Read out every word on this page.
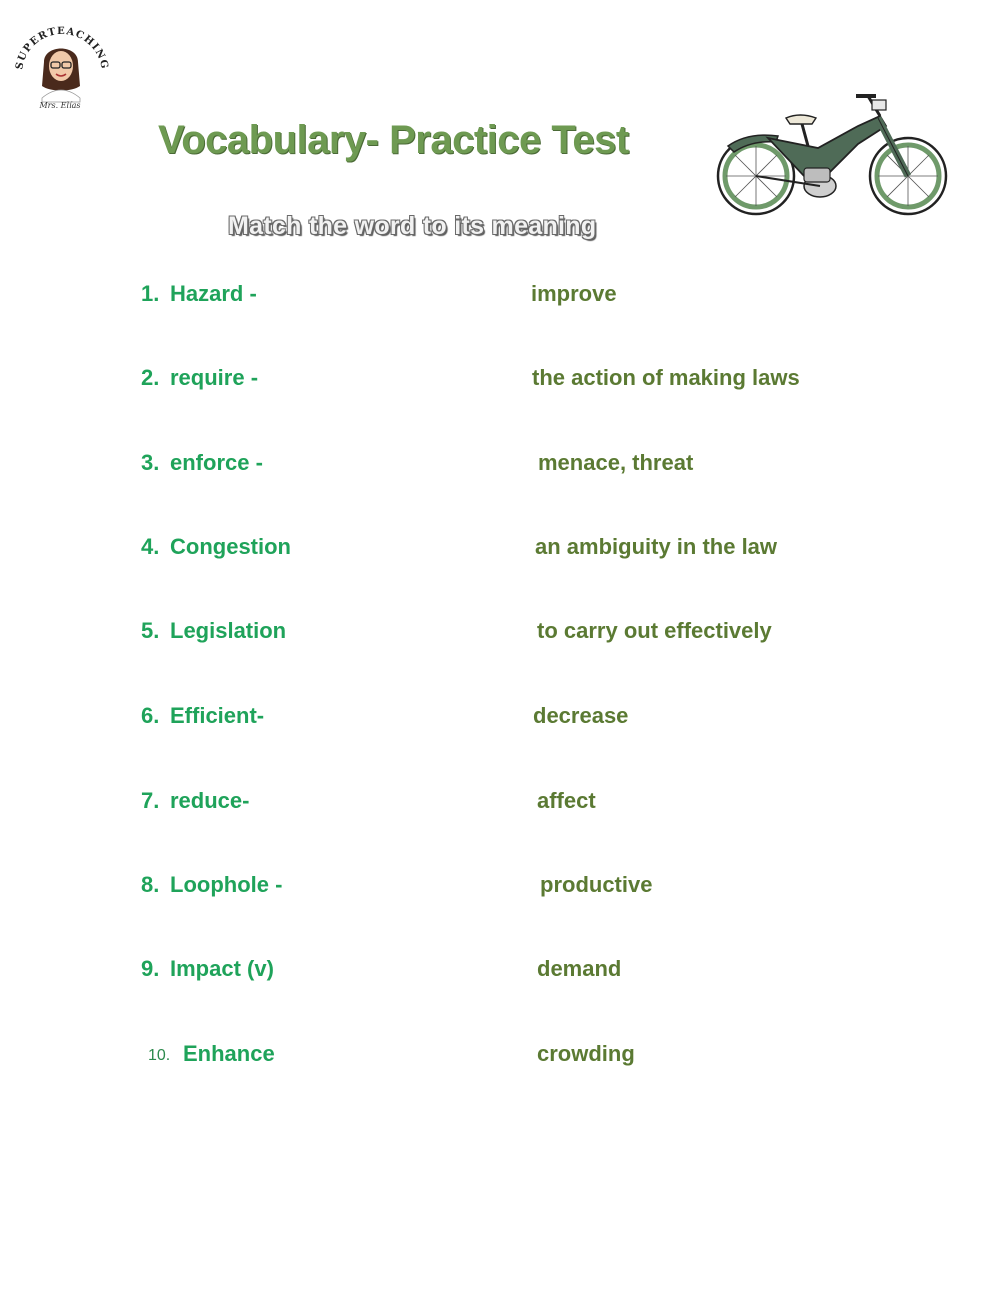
SUPERTEACHING
Mrs. Elías
Vocabulary- Practice Test
Match the word to its meaning
1. Hazard -	improve
2. require -	the action of making laws
3. enforce -	menace, threat
4. Congestion	an ambiguity in the law
5. Legislation	to carry out effectively
6. Efficient-	decrease
7. reduce-	affect
8. Loophole -	productive
9. Impact (v)	demand
10. Enhance	crowding
